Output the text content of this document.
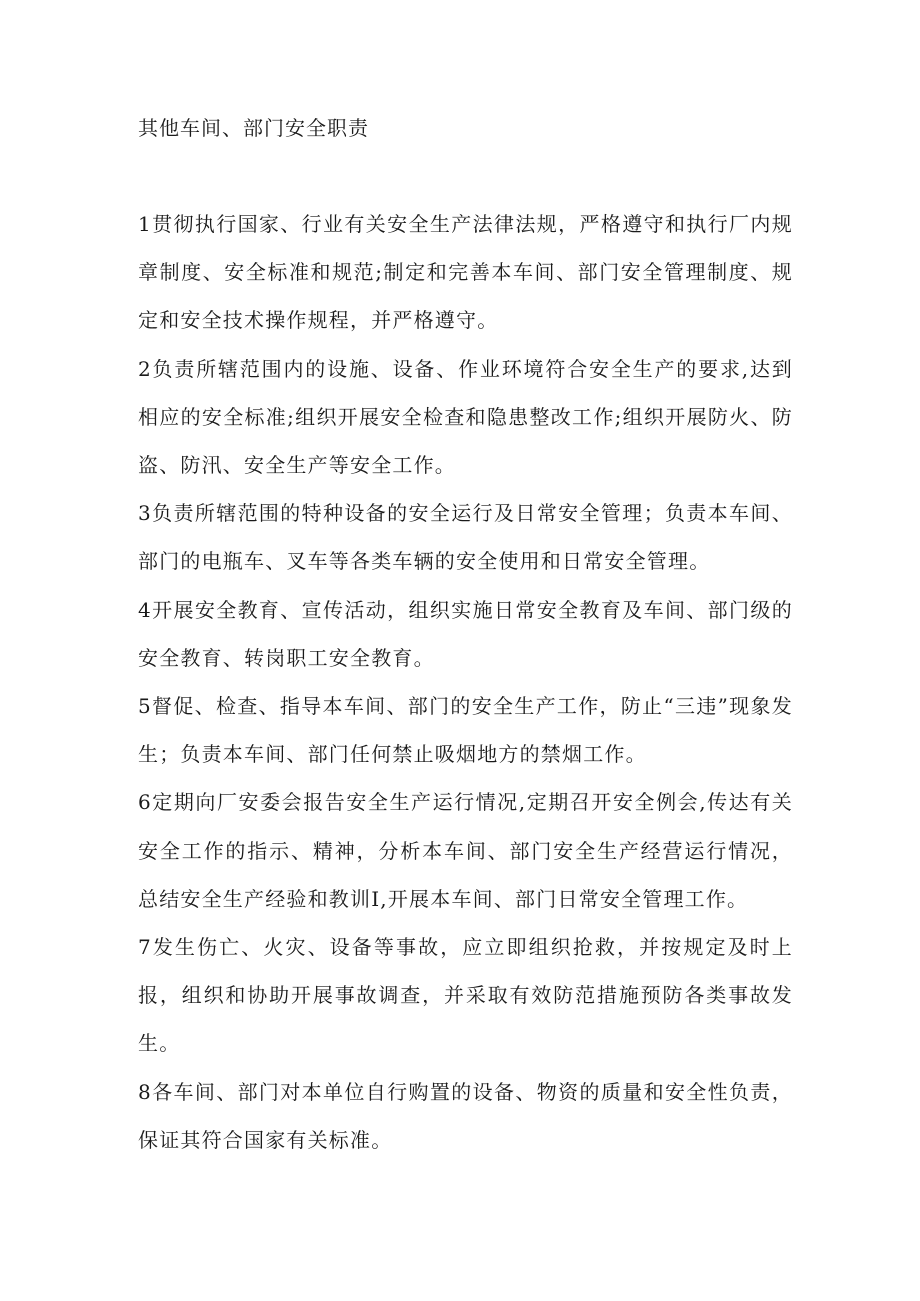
其他车间、部门安全职责

1贯彻执行国家、行业有关安全生产法律法规，严格遵守和执行厂内规章制度、安全标准和规范;制定和完善本车间、部门安全管理制度、规定和安全技术操作规程，并严格遵守。

2负责所辖范围内的设施、设备、作业环境符合安全生产的要求,达到相应的安全标准;组织开展安全检查和隐患整改工作;组织开展防火、防盗、防汛、安全生产等安全工作。

3负责所辖范围的特种设备的安全运行及日常安全管理；负责本车间、部门的电瓶车、叉车等各类车辆的安全使用和日常安全管理。

4开展安全教育、宣传活动，组织实施日常安全教育及车间、部门级的安全教育、转岗职工安全教育。

5督促、检查、指导本车间、部门的安全生产工作，防止“三违”现象发生；负责本车间、部门任何禁止吸烟地方的禁烟工作。

6定期向厂安委会报告安全生产运行情况,定期召开安全例会,传达有关安全工作的指示、精神，分析本车间、部门安全生产经营运行情况，总结安全生产经验和教训I,开展本车间、部门日常安全管理工作。

7发生伤亡、火灾、设备等事故，应立即组织抢救，并按规定及时上报，组织和协助开展事故调查，并采取有效防范措施预防各类事故发生。

8各车间、部门对本单位自行购置的设备、物资的质量和安全性负责，保证其符合国家有关标准。
